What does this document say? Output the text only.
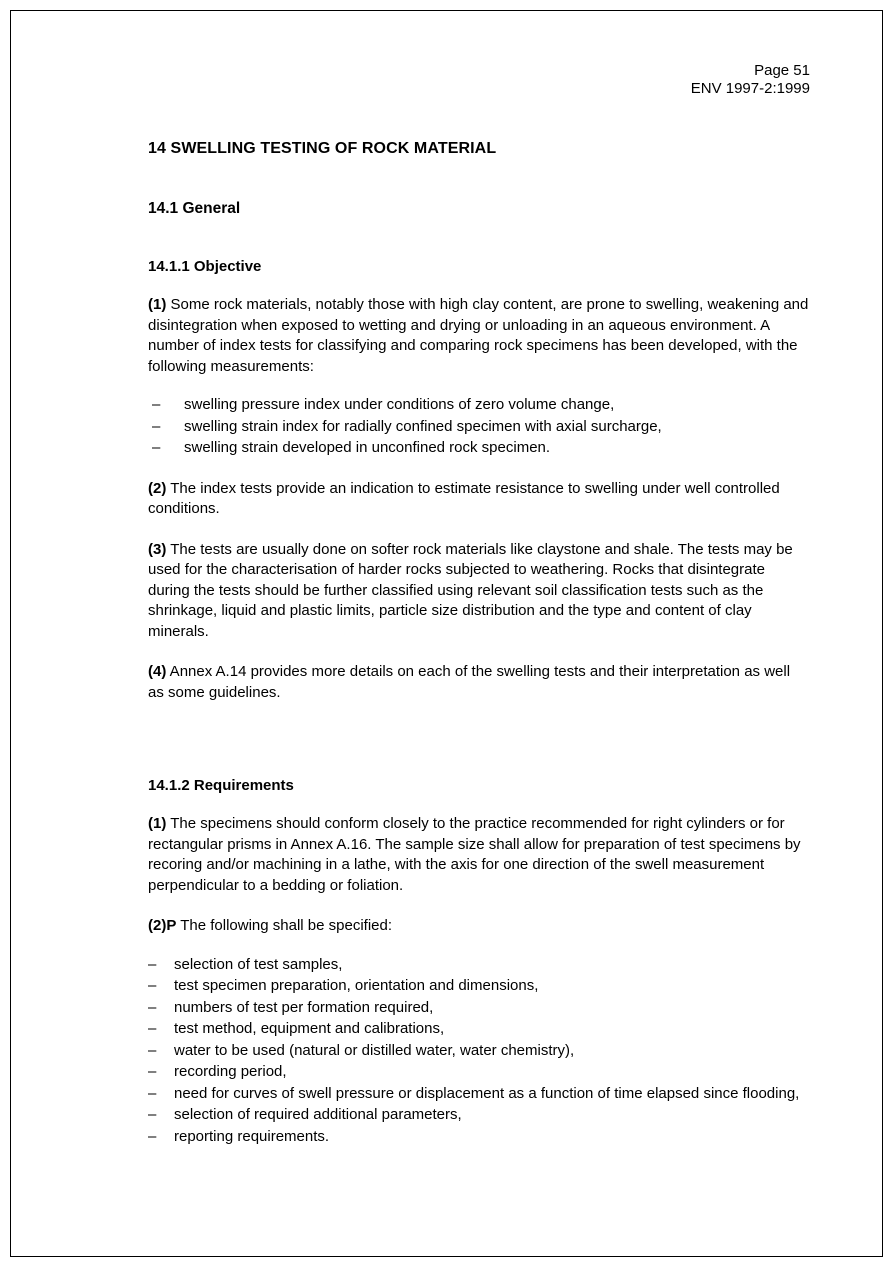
Page 51
ENV 1997-2:1999
14 SWELLING TESTING OF ROCK MATERIAL
14.1 General
14.1.1 Objective

(1) Some rock materials, notably those with high clay content, are prone to swelling, weakening and disintegration when exposed to wetting and drying or unloading in an aqueous environment. A number of index tests for classifying and comparing rock specimens has been developed, with the following measurements:

– swelling pressure index under conditions of zero volume change,
– swelling strain index for radially confined specimen with axial surcharge,
– swelling strain developed in unconfined rock specimen.

(2) The index tests provide an indication to estimate resistance to swelling under well controlled conditions.

(3) The tests are usually done on softer rock materials like claystone and shale. The tests may be used for the characterisation of harder rocks subjected to weathering. Rocks that disintegrate during the tests should be further classified using relevant soil classification tests such as the shrinkage, liquid and plastic limits, particle size distribution and the type and content of clay minerals.

(4) Annex A.14 provides more details on each of the swelling tests and their interpretation as well as some guidelines.

14.1.2 Requirements

(1) The specimens should conform closely to the practice recommended for right cylinders or for rectangular prisms in Annex A.16. The sample size shall allow for preparation of test specimens by recoring and/or machining in a lathe, with the axis for one direction of the swell measurement perpendicular to a bedding or foliation.

(2)P The following shall be specified:

– selection of test samples,
– test specimen preparation, orientation and dimensions,
– numbers of test per formation required,
– test method, equipment and calibrations,
– water to be used (natural or distilled water, water chemistry),
– recording period,
– need for curves of swell pressure or displacement as a function of time elapsed since flooding,
– selection of required additional parameters,
– reporting requirements.
